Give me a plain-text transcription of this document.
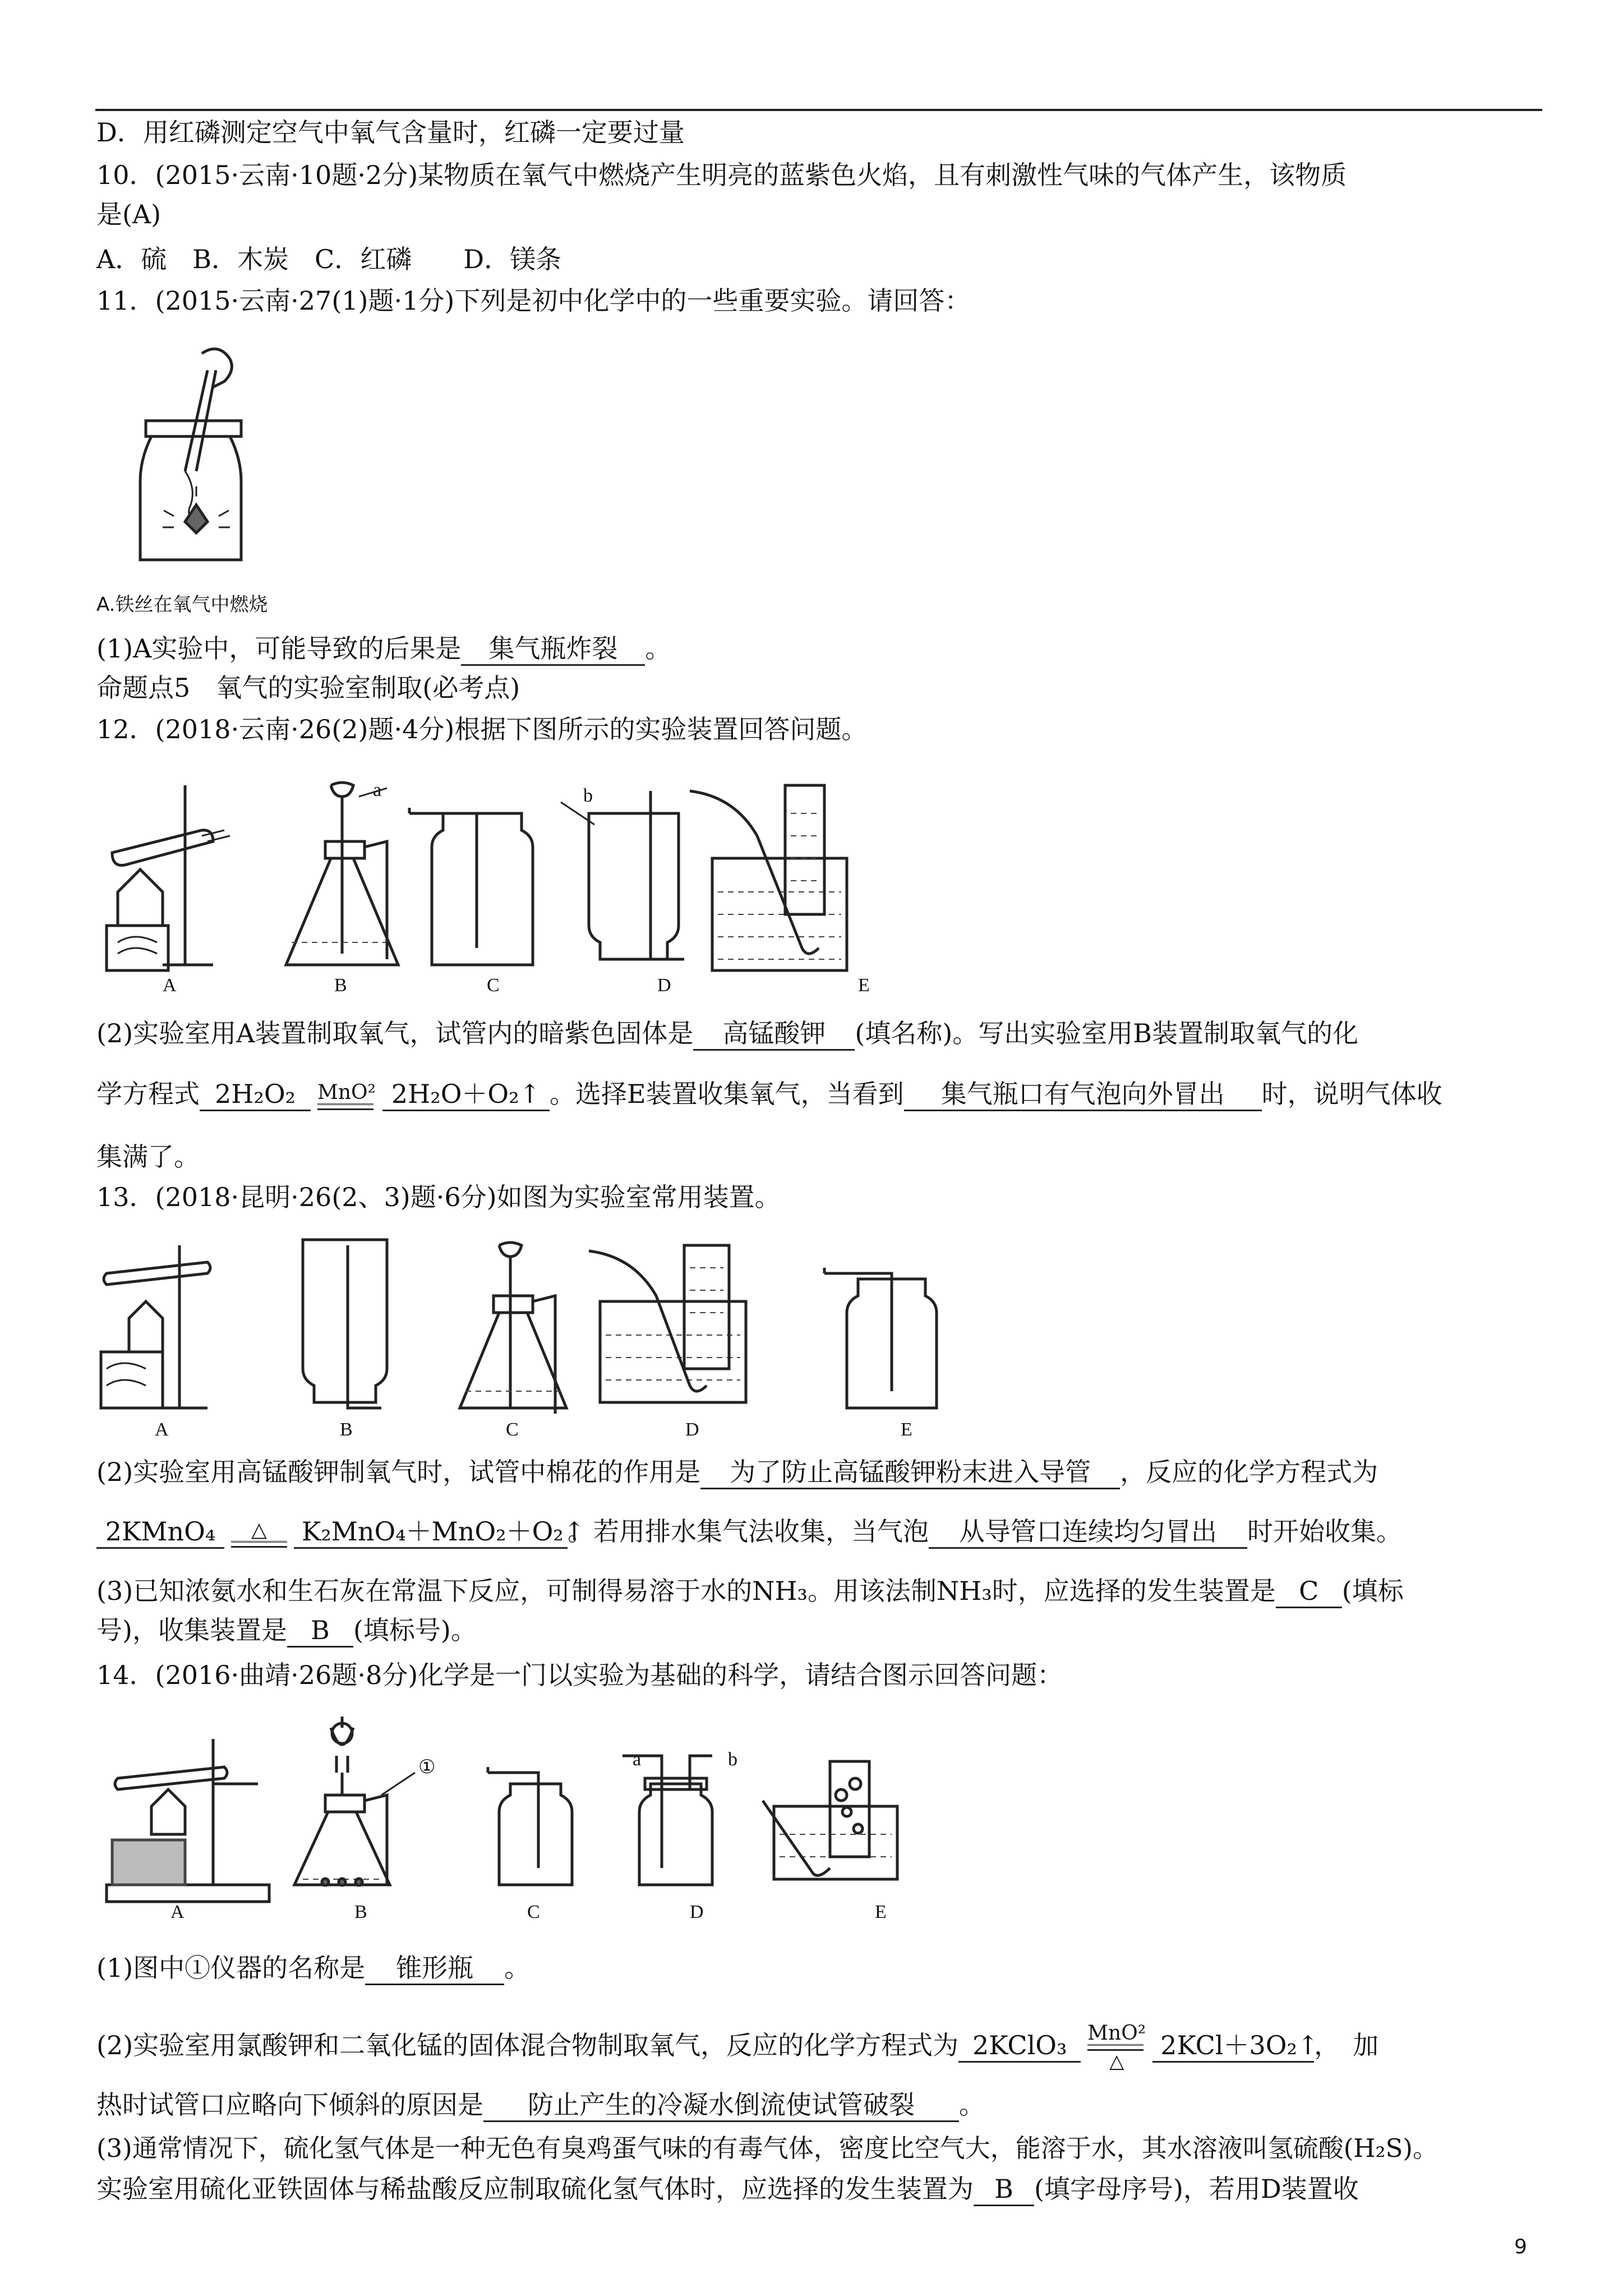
D．用红磷测定空气中氧气含量时，红磷一定要过量
10．(2015·云南·10题·2分)某物质在氧气中燃烧产生明亮的蓝紫色火焰，且有刺激性气味的气体产生，该物质
是(A)
A．硫　B．木炭　C．红磷　　D．镁条
11．(2015·云南·27(1)题·1分)下列是初中化学中的一些重要实验。请回答：
A.铁丝在氧气中燃烧
(1)A实验中，可能导致的后果是 集气瓶炸裂 。
命题点5　氧气的实验室制取(必考点)
12．(2018·云南·26(2)题·4分)根据下图所示的实验装置回答问题。
A	B	C	D	E
a	b
(2)实验室用A装置制取氧气，试管内的暗紫色固体是 高锰酸钾 (填名称)。写出实验室用B装置制取氧气的化
学方程式 2H₂O₂ MnO² 2H₂O＋O₂↑ 。选择E装置收集氧气，当看到 集气瓶口有气泡向外冒出 时，说明气体收
集满了。
13．(2018·昆明·26(2、3)题·6分)如图为实验室常用装置。
A	B	C	D	E
(2)实验室用高锰酸钾制氧气时，试管中棉花的作用是 为了防止高锰酸钾粉末进入导管 ，反应的化学方程式为
2KMnO₄	△	K₂MnO₄＋MnO₂＋O₂↑。若用排水集气法收集，当气泡 从导管口连续均匀冒出 时开始收集。
(3)已知浓氨水和生石灰在常温下反应，可制得易溶于水的NH₃。用该法制NH₃时，应选择的发生装置是 C (填标
号)，收集装置是 B (填标号)。
14．(2016·曲靖·26题·8分)化学是一门以实验为基础的科学，请结合图示回答问题：
A	B	C	D	E
①	a	b
(1)图中①仪器的名称是 锥形瓶 。
(2)实验室用氯酸钾和二氧化锰的固体混合物制取氧气，反应的化学方程式为 2KClO₃ MnO²
△
2KCl＋3O₂↑，　加
热时试管口应略向下倾斜的原因是 防止产生的冷凝水倒流使试管破裂 。
(3)通常情况下，硫化氢气体是一种无色有臭鸡蛋气味的有毒气体，密度比空气大，能溶于水，其水溶液叫氢硫酸(H₂S)。
实验室用硫化亚铁固体与稀盐酸反应制取硫化氢气体时，应选择的发生装置为 B (填字母序号)，若用D装置收
9
